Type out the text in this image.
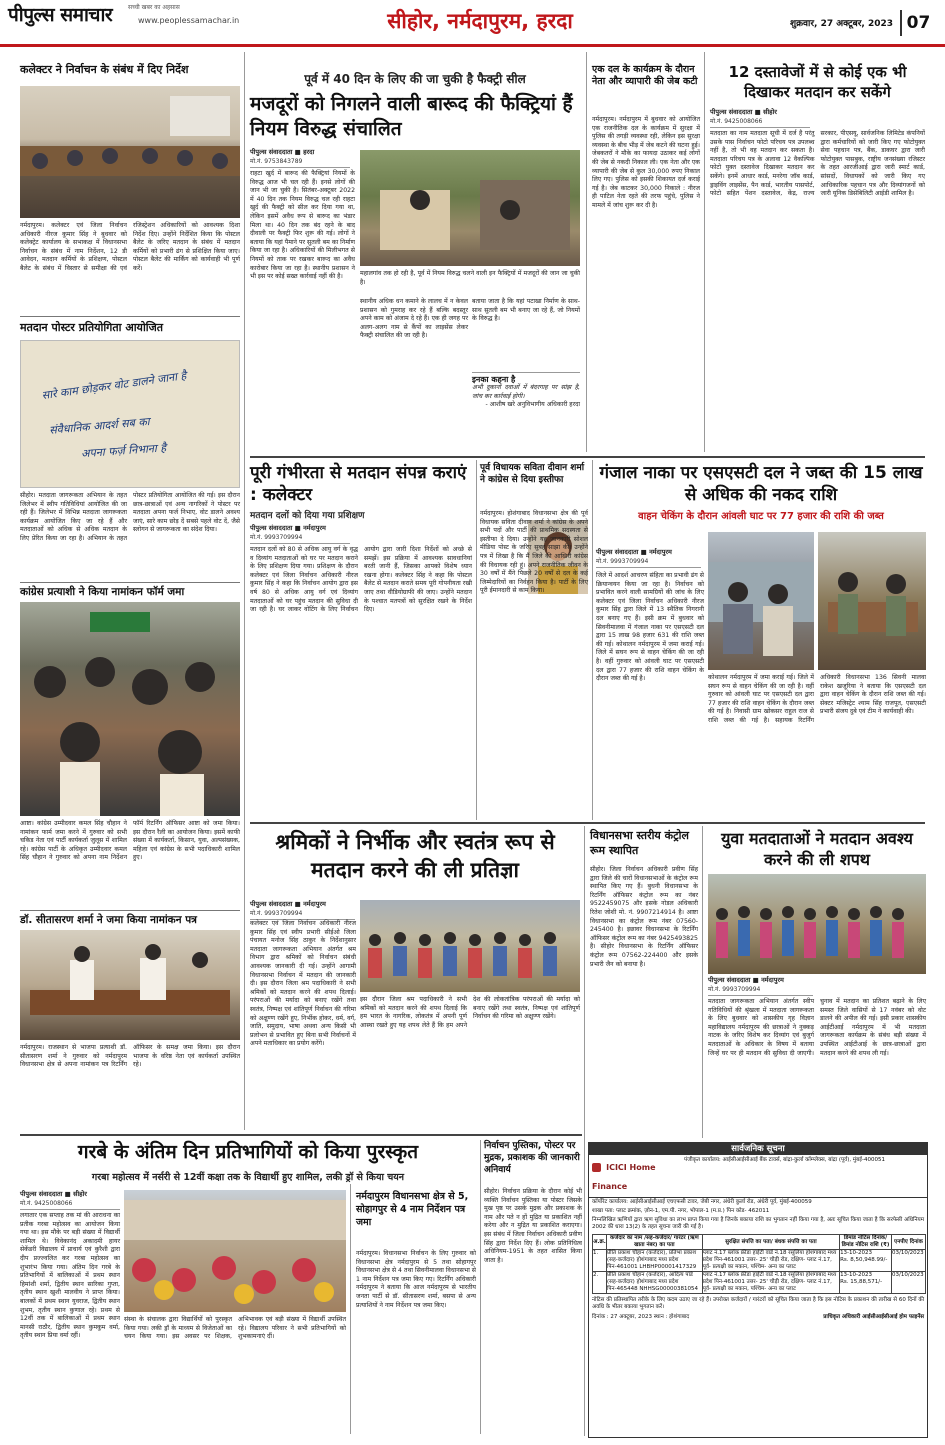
पीपुल्स समाचार	सच्ची खबर का अहसास
www.peoplessamachar.in	सीहोर, नर्मदापुरम, हरदा	शुक्रवार, 27 अक्टूबर, 2023 07
कलेक्टर ने निर्वाचन के संबंध में दिए निर्देश
नर्मदापुरम। कलेक्टर एवं जिला निर्वाचन अधिकारी नीरज कुमार सिंह ने बुधवार को कलेक्ट्रेट कार्यालय के सभाकक्ष में विधानसभा निर्वाचन के संबंध में नाम निर्देशन, 12 डी आवेदन, मतदान कर्मियों के प्रशिक्षण, पोस्टल बैलेट के संबंध में विस्तार से समीक्षा की एवं रजिस्ट्रेशन अधिकारियों को आवश्यक दिशा निर्देश दिए। उन्होंने निर्देशित किया कि पोस्टल बैलेट के जरिए मतदान के संबंध में मतदान कर्मियों को प्रभारी ढंग से प्रशिक्षित किया जाए। पोस्टल बैलेट की मार्किंग को कार्यवाही भी पूर्ण करें।
मतदान पोस्टर प्रतियोगिता आयोजित
सारे काम छोड़कर वोट डालने जाना है
संवैधानिक आदर्श सब का
अपना फर्ज़ निभाना है
सीहोर। मतदाता जागरूकता अभियान के तहत जिलेभर में स्वीप गतिविधियां आयोजित की जा रही हैं। जिलेभर में विभिन्न मतदाता जागरूकता कार्यक्रम आयोजित किए जा रहे हैं और मतदाताओं को अधिक से अधिक मतदान के लिए प्रेरित किया जा रहा है। अभियान के तहत पोस्टर प्रतियोगिता आयोजित की गई। इस दौरान छात्र-छात्राओं एवं अन्य नागरिकों ने पोस्टर पर मतदाता अपना फर्ज निभाए, वोट डालने अवश्य जाएं, सारे काम छोड़ दें सबसे पहले वोट दें, जैसे स्लोगन से जागरूकता का संदेश दिया।
कांग्रेस प्रत्याशी ने किया नामांकन फॉर्म जमा
आष्टा। कांग्रेस उम्मीदवार कमल सिंह चौहान ने नामांकन फार्म जमा करने में गुरुवार को सभी चकिड नेता एवं पार्टी कार्यकर्ता जुलूस में शामिल रहे। कांग्रेस पार्टी के अधिकृत उम्मीदवार कमल सिंह चौहान ने गुरुवार को अपना नाम निर्देशन फॉर्म रिटर्निंग ऑफिसर आष्टा को जमा किया। इस दौरान रैली का आयोजन किया। इसमें काफी संख्या में कार्यकर्ता, किसान, युवा, अल्पसंख्यक, महिला एवं कांग्रेस के सभी पदाधिकारी शामिल हुए।
डॉ. सीतासरण शर्मा ने जमा किया नामांकन पत्र
नर्मदापुरम। राजस्थान से भाजपा प्रत्याशी डॉ. सीतासरण शर्मा ने गुरुवार को नर्मदापुरम विधानसभा क्षेत्र से अपना नामांकन पत्र रिटर्निंग ऑफिसर के समक्ष जमा किया। इस दौरान भाजपा के वरिष्ठ नेता एवं कार्यकर्ता उपस्थित रहे।
पूर्व में 40 दिन के लिए की जा चुकी है फैक्ट्री सील
मजदूरों को निगलने वाली बारूद की फैक्ट्रियां हैं नियम विरुद्ध संचालित
पीपुल्स संवाददाता ■ हरदा
मो.नं. 9753843789
राहटा खुर्द में बारूद की फैक्ट्रियां नियमों के विरुद्ध आज भी चल रही हैं। इनसे लोगों की जान भी जा चुकी है। सितंबर-अक्टूबर 2022 में 40 दिन तक नियम विरुद्ध चल रही राहटा खुर्द की फैक्ट्री को सील कर दिया गया था, लेकिन इसमें अवैध रूप से बारूद का भंडार मिला था। 40 दिन तक बंद रहने के बाद दीवाली पर फैक्ट्री फिर शुरू की गई। लोगों ने बताया कि यहां पैमाने पर सुतली बम का निर्माण किया जा रहा है। अधिकारियों की मिलीभगत से नियमों को ताक पर रखकर बारूद का अवैध कारोबार किया जा रहा है। स्थानीय प्रशासन ने भी इस पर कोई सख्त कार्रवाई नहीं की है।	महालगांव तक हो रही है, पूर्व में नियम विरुद्ध चलने वाली इन फैक्ट्रियों में मजदूरों की जान जा चुकी है।
स्थानीय अधिक धन कमाने के लालच में न केवल प्रशासन को गुमराह कर रहे हैं बल्कि बदस्तूर अपने काम को अंजाम दे रहे हैं। एक ही जगह पर अलग-अलग नाम से कैंपों का लाइसेंस लेकर फैक्ट्री संचालित की जा रही है।
बताया जाता है कि यहां पटाखा निर्माण के साथ-साथ सुतली बम भी बनाए जा रहे हैं, जो नियमों के विरुद्ध है।
इनका कहना है
अभी दुकानों दवाओं में बंदरगाह पर सांझ है, जांच कर कार्रवाई होगी।
- आशीष खरे अनुविभागीय अधिकारी हरदा
एक दल के कार्यक्रम के दौरान नेता और व्यापारी की जेब कटी
नर्मदापुरम। नर्मदापुरम में बुधवार को आयोजित एक राजनीतिक दल के कार्यक्रम में सुरक्षा में पुलिस की तगड़ी व्यवस्था रही, लेकिन इस सुरक्षा व्यवस्था के बीच भीड़ में जेब कटने की घटना हुई। जेबकतरों ने मौके का फायदा उठाकर कई लोगों की जेब से नकदी निकाल ली। एक नेता और एक व्यापारी की जेब से कुल 30,000 रुपए निकाल लिए गए। पुलिस को इसकी शिकायत दर्ज कराई गई है। जेब काटकर 30,000 निकाले : नीरज ही पाटिल नेता रहते की तरफ पहुंचे, पुलिस ने मामले में जांच शुरू कर दी है।
12 दस्तावेजों में से कोई एक भी दिखाकर मतदान कर सकेंगे
पीपुल्स संवाददाता ■ सीहोर
मो.नं. 9425008066
मतदाता का नाम मतदाता सूची में दर्ज है परंतु उसके पास निर्वाचन फोटो परिचय पत्र उपलब्ध नहीं है, तो भी वह मतदान कर सकता है। मतदाता परिचय पत्र के अलावा 12 वैकल्पिक फोटो युक्त दस्तावेज दिखाकर मतदान कर सकेंगे। इनमें आधार कार्ड, मनरेगा जॉब कार्ड, ड्राइविंग लाइसेंस, पैन कार्ड, भारतीय पासपोर्ट, फोटो सहित पेंशन दस्तावेज, केंद्र, राज्य सरकार, पीएसयू, सार्वजनिक लिमिटेड कंपनियों द्वारा कर्मचारियों को जारी किए गए फोटोयुक्त सेवा पहचान पत्र, बैंक, डाकघर द्वारा जारी फोटोयुक्त पासबुक, राष्ट्रीय जनसंख्या रजिस्टर के तहत आरजीआई द्वारा जारी स्मार्ट कार्ड, सांसदों, विधायकों को जारी किए गए आधिकारिक पहचान पत्र और दिव्यांगजनों को जारी यूनिक डिसेबिलिटी आईडी शामिल है।
पूरी गंभीरता से मतदान संपन्न कराएं : कलेक्टर
मतदान दलों को दिया गया प्रशिक्षण
पीपुल्स संवाददाता ■ नर्मदापुरम
मो.नं. 9993709994
मतदान दलों को 80 से अधिक आयु वर्ग के वृद्ध व दिव्यांग मतदाताओं को घर पर मतदान कराने के लिए प्रशिक्षण दिया गया। प्रशिक्षण के दौरान कलेक्टर एवं जिला निर्वाचन अधिकारी नीरज कुमार सिंह ने कहा कि निर्वाचन आयोग द्वारा इस वर्ष 80 से अधिक आयु वर्ग एवं दिव्यांग मतदाताओं को घर पहुंच मतदान की सुविधा दी जा रही है। घर जाकर वोटिंग के लिए निर्वाचन आयोग द्वारा जारी दिशा निर्देशों को अच्छे से समझें। इस प्रक्रिया में आवश्यक सावधानियां बरती जानी हैं, जिसका आपको विशेष ध्यान रखना होगा। कलेक्टर सिंह ने कहा कि पोस्टल बैलेट से मतदान कराते समय पूरी गोपनीयता रखी जाए तथा वीडियोग्राफी की जाए। उन्होंने मतदान के पश्चात मतपत्रों को सुरक्षित रखने के निर्देश दिए।
पूर्व विधायक सविता दीवान शर्मा ने कांग्रेस से दिया इस्तीफा
नर्मदापुरम। होशंगाबाद विधानसभा क्षेत्र की पूर्व विधायक सविता दीवान शर्मा ने कांग्रेस के अपने सभी पदों और पार्टी की प्राथमिक सदस्यता से इस्तीफा दे दिया। उन्होंने यह जानकारी सोशल मीडिया पोस्ट के जरिए सुबह साझा की। उन्होंने पत्र में लिखा है कि मैं जिले की आखिरी कांग्रेस की विधायक रही हूं। अपने राजनीतिक जीवन के 30 वर्षों में मैंने पिछले 20 वर्षों से दल के कई जिम्मेदारियों का निर्वहन किया है। पार्टी के लिए पूरी ईमानदारी से काम किया।
गंजाल नाका पर एसएसटी दल ने जब्त की 15 लाख से अधिक की नकद राशि
वाहन चेकिंग के दौरान आंवली घाट पर 77 हजार की राशि की जब्त
पीपुल्स संवाददाता ■ नर्मदापुरम
मो.नं. 9993709994
जिले में आदर्श आचरण संहिता का प्रभावी ढंग से क्रियान्वयन किया जा रहा है। निर्वाचन को प्रभावित करने वाली सामग्रियों की जांच के लिए कलेक्टर एवं जिला निर्वाचन अधिकारी नीरज कुमार सिंह द्वारा जिले में 13 स्थैतिक निगरानी दल बनाए गए हैं। इसी क्रम में बुधवार को सिवनीमालवा में गंजाल नाका पर एसएसटी दल द्वारा 15 लाख 98 हजार 631 की राशि जब्त की गई। कोथालन नर्मदापुरम में जमा कराई गई। जिले में सघन रूप से वाहन चेकिंग की जा रही है। वहीं गुरुवार को आंवली घाट पर एसएसटी दल द्वारा 77 हजार की राशि वाहन चेकिंग के दौरान जब्त की गई है।	कोथालन नर्मदापुरम में जमा कराई गई। जिले में सघन रूप से वाहन चेकिंग की जा रही है। वहीं गुरुवार को आंवली घाट पर एसएसटी दल द्वारा 77 हजार की राशि वाहन चेकिंग के दौरान जब्त की गई है। निवासी ग्राम खोकसर राहुल राज से राशि जब्त की गई है। सहायक रिटर्निंग अधिकारी विधानसभा 136 सिवनी मालवा राकेश खजूरिया ने बताया कि एसएसटी दल द्वारा वाहन चेकिंग के दौरान राशि जब्त की गई। सेक्टर मजिस्ट्रेट श्याम सिंह राजपूत, एसएसटी प्रभारी संजय दुबे एवं टीम ने कार्यवाही की।
श्रमिकों ने निर्भीक और स्वतंत्र रूप से मतदान करने की ली प्रतिज्ञा
पीपुल्स संवाददाता ■ नर्मदापुरम
मो.नं. 9993709994
कलेक्टर एवं जिला निर्वाचन अधिकारी नीरज कुमार सिंह एवं स्वीप प्रभारी सीईओ जिला पंचायत मनोज सिंह ठाकुर के निर्देशानुसार मतदाता जागरूकता अभियान अंतर्गत श्रम विभाग द्वारा श्रमिकों को निर्वाचन संबंधी आवश्यक जानकारी दी गई। उन्होंने आगामी विधानसभा निर्वाचन में मतदान की जानकारी दी। इस दौरान जिला श्रम पदाधिकारी ने सभी श्रमिकों को मतदान करने की शपथ दिलाई। परंपराओं की मर्यादा को बनाए रखेंगे तथा स्वतंत्र, निष्पक्ष एवं शांतिपूर्ण निर्वाचन की गरिमा को अक्षुण्ण रखेंगे हुए, निर्भीक होकर, धर्म, वर्ग, जाति, समुदाय, भाषा अथवा अन्य किसी भी प्रलोभन से प्रभावित हुए बिना सभी निर्वाचनों में अपने मताधिकार का प्रयोग करेंगे।
इस दौरान जिला श्रम पदाधिकारी ने सभी श्रमिकों को मतदान करने की शपथ दिलाई कि हम भारत के नागरिक, लोकतंत्र में अपनी पूर्ण आस्था रखते हुए यह शपथ लेते हैं कि हम अपने देश की लोकतांत्रिक परंपराओं की मर्यादा को बनाए रखेंगे तथा स्वतंत्र, निष्पक्ष एवं शांतिपूर्ण निर्वाचन की गरिमा को अक्षुण्ण रखेंगे।
विधानसभा स्तरीय कंट्रोल रूम स्थापित
सीहोर। जिला निर्वाचन अधिकारी प्रवीण सिंह द्वारा जिले की चारों विधानसभाओं के कंट्रोल रूम स्थापित किए गए हैं। बुधनी विधानसभा के रिटर्निंग ऑफिसर कंट्रोल रूम का नंबर 9522459075 और इसके नोडल अधिकारी रितेश जोशी मो. नं. 9907214914 है। आष्टा विधानसभा का कंट्रोल रूम नंबर 07560-245400 है। इछावर विधानसभा के रिटर्निंग ऑफिसर कंट्रोल रूम का नंबर 9425493825 है। सीहोर विधानसभा के रिटर्निंग ऑफिसर कंट्रोल रूम 07562-224400 और इसके प्रभारी जैन को बनाया है।
युवा मतदाताओं ने मतदान अवश्य करने की ली शपथ
पीपुल्स संवाददाता ■ नर्मदापुरम
मो.नं. 9993709994
मतदाता जागरूकता अभियान अंतर्गत स्वीप गतिविधियों की श्रृंखला में मतदाता जागरूकता के लिए बुधवार को शासकीय गृह विज्ञान महाविद्यालय नर्मदापुरम की छात्राओं ने नुक्कड़ नाटक के जरिए विशेष कर दिव्यांग एवं बुजुर्ग मतदाताओं के अधिकार के विषय में बताया जिन्हें घर पर ही मतदान की सुविधा दी जाएगी। चुनाव में मतदान का प्रतिशत बढ़ाने के लिए समस्त जिले वासियों से 17 नवंबर को वोट डालने की अपील की गई। इसी प्रकार शासकीय आईटीआई नर्मदापुरम में भी मतदाता जागरूकता कार्यक्रम के संबंध बड़ी संख्या में उपस्थित आईटीआई के छात्र-छात्राओं द्वारा मतदान करने की शपथ ली गई।
गरबे के अंतिम दिन प्रतिभागियों को किया पुरस्कृत
गरबा महोत्सव में नर्सरी से 12वीं कक्षा तक के विद्यार्थी हुए शामिल, लकी ड्रॉ से किया चयन
पीपुल्स संवाददाता ■ सीहोर
मो.नं. 9425008066
लगातार एक सप्ताह तक मां की आराधना का प्रतीक गरबा महोत्सव का आयोजन किया गया था। इस मौके पर बड़ी संख्या में विद्यार्थी शामिल थे। विवेकानंद अकादमी हायर सेकेंडरी विद्यालय में प्राचार्य एवं कुरैशी द्वारा दीप प्रज्ज्वलित कर गरबा महोत्सव का शुभारंभ किया गया। अंतिम दिन गरबे के प्रतिभागियों में बालिकाओं में प्रथम स्थान हिमांशी शर्मा, द्वितीय स्थान सारिका गुप्ता, तृतीय स्थान खुशी मालवीय ने प्राप्त किया। बालकों में प्रथम स्थान युवराज, द्वितीय स्थान शुभम, तृतीय स्थान कुणाल रहे। प्रथम से 12वीं तक में बालिकाओं में प्रथम स्थान मानसी राठौर, द्वितीय स्थान कुमकुम वर्मा, तृतीय स्थान प्रिया वर्मा रहीं।
संस्था के संचालक द्वारा विद्यार्थियों को पुरस्कृत किया गया। लकी ड्रॉ के माध्यम से विजेताओं का चयन किया गया। इस अवसर पर शिक्षक, अभिभावक एवं बड़ी संख्या में विद्यार्थी उपस्थित रहे। विद्यालय परिवार ने सभी प्रतिभागियों को शुभकामनाएं दीं।
नर्मदापुरम विधानसभा क्षेत्र से 5, सोहागपुर से 4 नाम निर्देशन पत्र जमा
नर्मदापुरम। विधानसभा निर्वाचन के लिए गुरुवार को विधानसभा क्षेत्र नर्मदापुरम से 5 तथा सोहागपुर विधानसभा क्षेत्र से 4 तथा सिवनीमालवा विधानसभा से 1 नाम निर्देशन पत्र जमा किए गए। रिटर्निंग अधिकारी नर्मदापुरम ने बताया कि आज नर्मदापुरम से भारतीय जनता पार्टी से डॉ. सीतासरण शर्मा, बसपा से अन्य प्रत्याशियों ने नाम निर्देशन पत्र जमा किए।
निर्वाचन पुस्तिका, पोस्टर पर मुद्रक, प्रकाशक की जानकारी अनिवार्य
सीहोर। निर्वाचन प्रक्रिया के दौरान कोई भी व्यक्ति निर्वाचन पुस्तिका या पोस्टर जिसके मुख पृष्ठ पर उसके मुद्रक और प्रकाशक के नाम और पते न हों मुद्रित या प्रकाशित नहीं करेगा और न मुद्रित या प्रकाशित कराएगा। इस संबंध में जिला निर्वाचन अधिकारी प्रवीण सिंह द्वारा निर्देश दिए हैं। लोक प्रतिनिधित्व अधिनियम-1951 के तहत शासित किया जाता है।
सार्वजनिक सूचना
ICICI Home Finance
पंजीकृत कार्यालय: आईसीआईसीआई बैंक टावर्स, बांद्रा-कुर्ला कॉम्प्लेक्स, बांद्रा (पूर्व), मुंबई-400051
कॉर्पोरेट कार्यालय: आईसीआईसीआई एचएफसी टावर, जेबी नगर, अंधेरी कुर्ला रोड, अंधेरी पूर्व, मुंबई-400059
शाखा पता: प्लाट क्रमांक, ज़ोन-1, एम.पी. नगर, भोपाल-1 (म.प्र.) पिन कोड- 462011
निम्नलिखित ऋणियों द्वारा ऋण सुविधा का लाभ प्राप्त किया गया है जिनके बकाया राशि का भुगतान नहीं किया गया है, अतः सूचित किया जाता है कि सरफेसी अधिनियम 2002 की धारा 13(2) के तहत सूचना जारी की गई है।
अ.क्र.	कर्जदार का नाम /सह-कर्जदार/ गारंटर (ऋण खाता नंबर) का पता	सुरक्षित संपत्ति का पता/ बंधक संपत्ति का पता	डिमांड नोटिस दिनांक/ डिमांड नोटिस राशि (₹)	एनपीए दिनांक
1.	प्रीति प्रकाश चौहान (कर्जदार), प्रतिभा प्रकाश (सह-कर्जदार) होशंगाबाद मध्य प्रदेश पिन-461001 LHBHP00001417329	प्लाट नं.17 ब्लॉक फ्रीडा हाईटी वार्ड नं.18 रसूलिया होशंगाबाद मध्य प्रदेश पिन-461001 उत्तर- 25' चौड़ी रोड, दक्षिण- प्लाट नं.17, पूर्व- प्रत्यक्षी का मकान, पश्चिम- अन्य का प्लाट	13-10-2023
Rs. 8,50,948.99/-	03/10/2023
2.	प्रीति प्रकाश चौहान (कर्जदार), आदित्य पांडे (सह-कर्जदार) होशंगाबाद मध्य प्रदेश पिन-465448 NHHSG00000381054	प्लाट नं.17 ब्लॉक फ्रीडा हाईटी वार्ड नं.18 रसूलिया होशंगाबाद मध्य प्रदेश पिन-461001 उत्तर- 25' चौड़ी रोड, दक्षिण- प्लाट नं.17, पूर्व- प्रत्यक्षी का मकान, पश्चिम- अन्य का प्लाट	13-10-2023
Rs. 15,88,571/-	03/10/2023
नोटिस की प्रतिस्थापित तरीके के लिए कदम उठाए जा रहे हैं। उपरोक्त कर्जदारों / गारंटरों को सूचित किया जाता है कि इस नोटिस के प्रकाशन की तारीख से 60 दिनों की अवधि के भीतर बकाया भुगतान करें।
दिनांक : 27 अक्टूबर, 2023 स्थान : होशंगाबाद	प्राधिकृत अधिकारी आईसीआईसीआई होम फाइनेंस
